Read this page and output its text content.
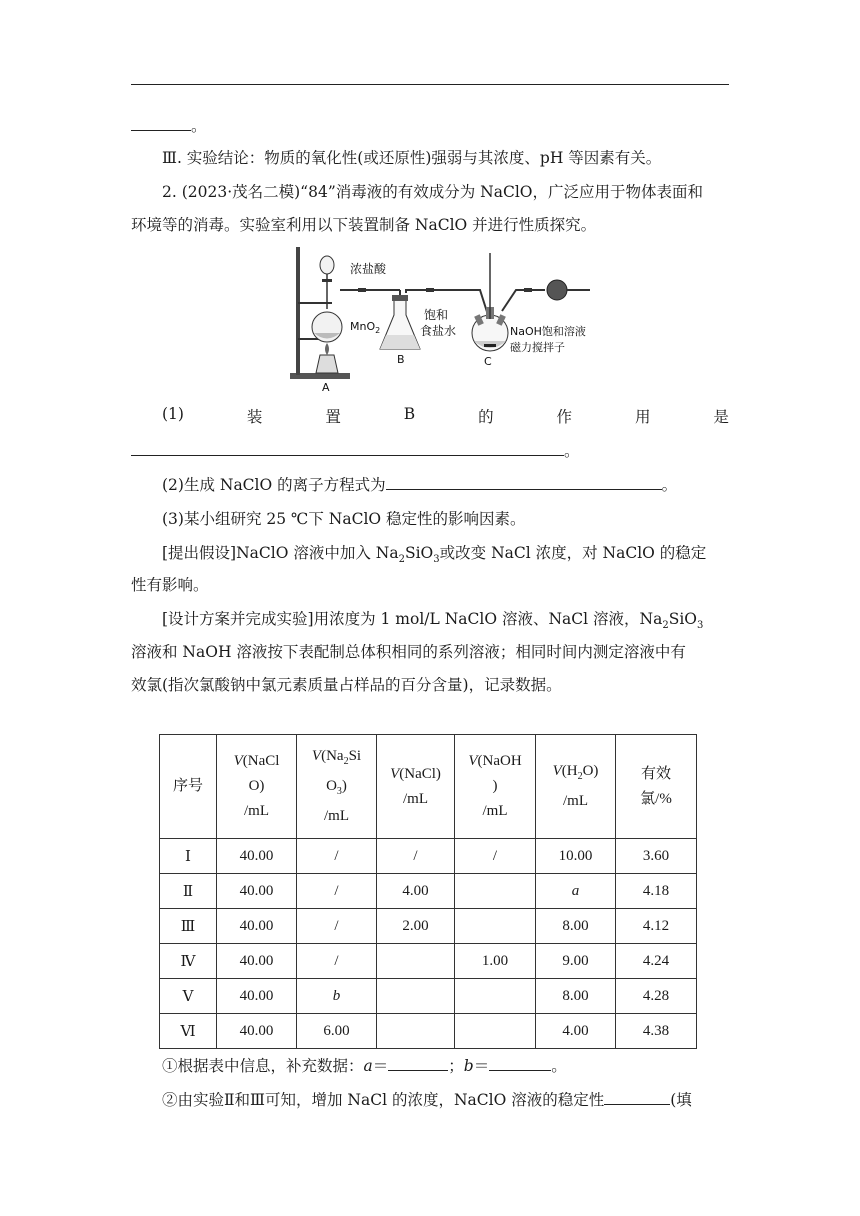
。
Ⅲ. 实验结论：物质的氧化性(或还原性)强弱与其浓度、pH 等因素有关。
2. (2023·茂名二模)“84”消毒液的有效成分为 NaClO，广泛应用于物体表面和
环境等的消毒。实验室利用以下装置制备 NaClO 并进行性质探究。
浓盐酸
MnO$_2$
饱和
食盐水	NaOH饱和溶液
磁力搅拌子
A
B	C
(1)	装	置	B	的	作	用	是
。
(2)生成 NaClO 的离子方程式为	。
(3)某小组研究 25 ℃下 NaClO 稳定性的影响因素。
[提出假设]NaClO 溶液中加入 $Na_2SiO_3$或改变 NaCl 浓度，对 NaClO 的稳定
性有影响。
[设计方案并完成实验]用浓度为 1 mol/L NaClO 溶液、NaCl 溶液，$Na_2SiO_3$
溶液和 NaOH 溶液按下表配制总体积相同的系列溶液；相同时间内测定溶液中有
效氯(指次氯酸钠中氯元素质量占样品的百分含量)，记录数据。
序号	V(NaCl
O)
/mL	$V(Na_2Si$
$O_3$)
/mL	V(NaCl)
/mL	V(NaOH
)
/mL	$V(H_2O)$
/mL	有效
氯/%
Ⅰ	40.00	/	/	/	10.00	3.60
Ⅱ	40.00	/	4.00		a	4.18
Ⅲ	40.00	/	2.00		8.00	4.12
Ⅳ	40.00	/		1.00	9.00	4.24
Ⅴ	40.00	b			8.00	4.28
Ⅵ	40.00	6.00			4.00	4.38
①根据表中信息，补充数据：a＝	；b＝	。
②由实验Ⅱ和Ⅲ可知，增加 NaCl 的浓度，NaClO 溶液的稳定性	(填
